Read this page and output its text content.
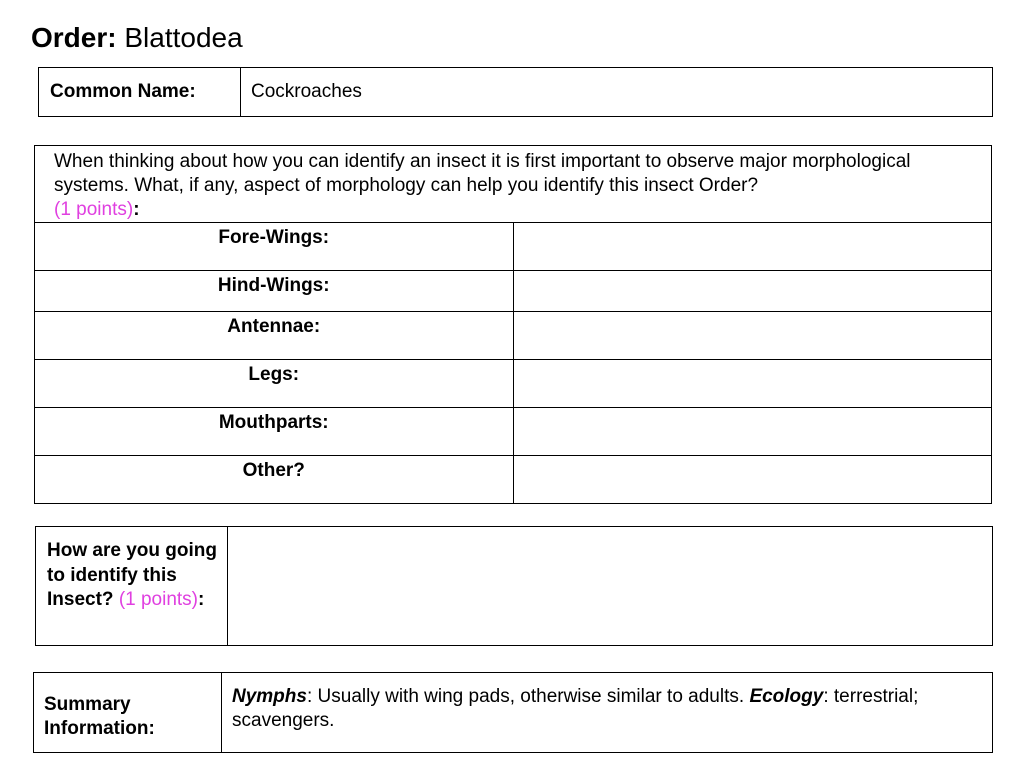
Order: Blattodea
Common Name:	Cockroaches
When thinking about how you can identify an insect it is first important to observe major morphological systems. What, if any, aspect of morphology can help you identify this insect Order?
(1 points):	
Fore-Wings:	
Hind-Wings:	
Antennae:	
Legs:	
Mouthparts:	
Other?	
How are you going to identify this Insect? (1 points):	
Summary Information:	Nymphs: Usually with wing pads, otherwise similar to adults. Ecology: terrestrial; scavengers.
